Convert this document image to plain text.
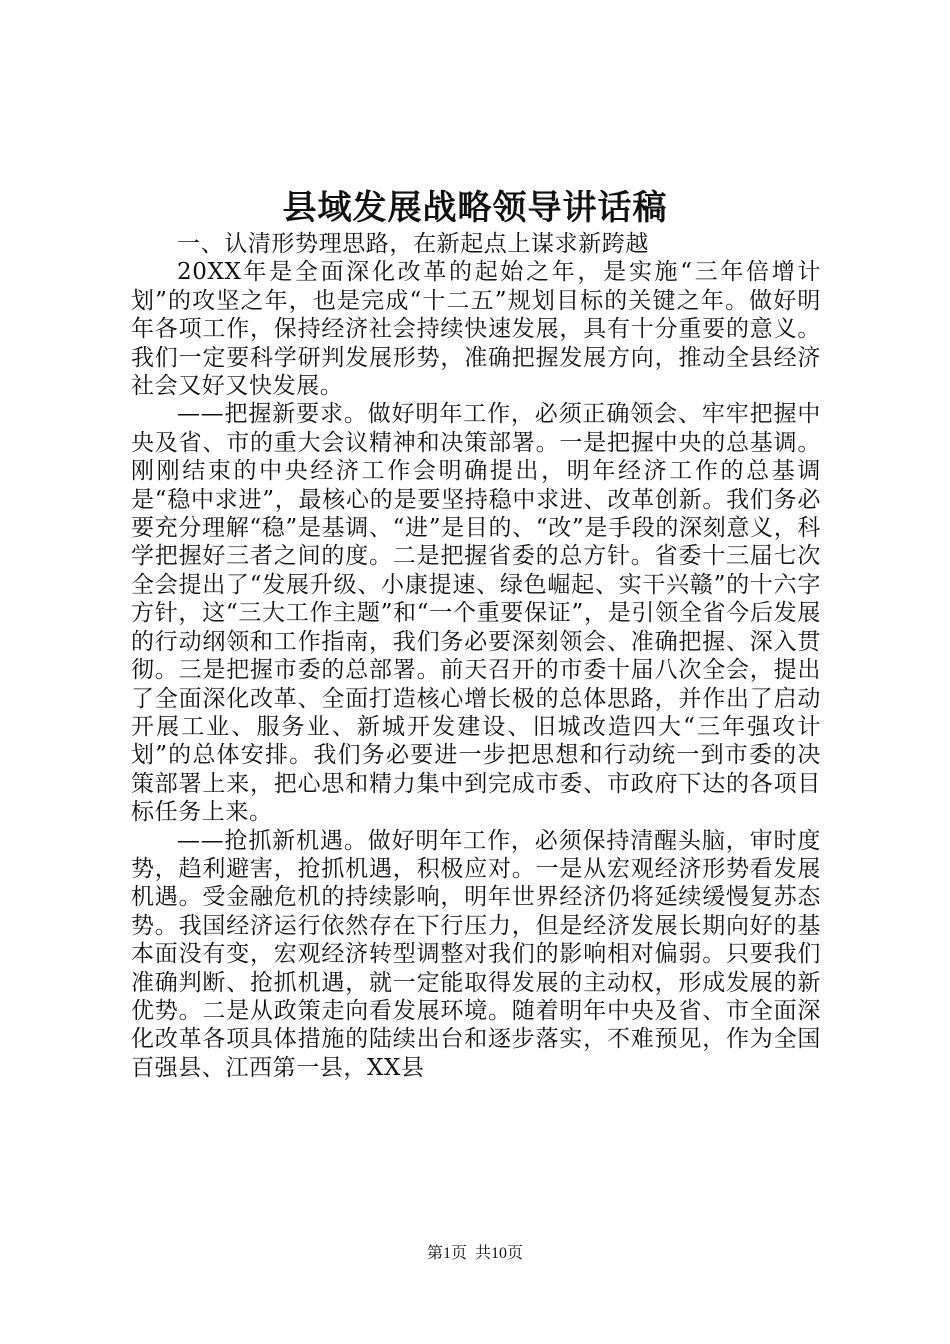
县域发展战略领导讲话稿

一、认清形势理思路，在新起点上谋求新跨越

20XX年是全面深化改革的起始之年，是实施“三年倍增计划”的攻坚之年，也是完成“十二五”规划目标的关键之年。做好明年各项工作，保持经济社会持续快速发展，具有十分重要的意义。我们一定要科学研判发展形势，准确把握发展方向，推动全县经济社会又好又快发展。

——把握新要求。做好明年工作，必须正确领会、牢牢把握中央及省、市的重大会议精神和决策部署。一是把握中央的总基调。刚刚结束的中央经济工作会明确提出，明年经济工作的总基调是“稳中求进”，最核心的是要坚持稳中求进、改革创新。我们务必要充分理解“稳”是基调、“进”是目的、“改”是手段的深刻意义，科学把握好三者之间的度。二是把握省委的总方针。省委十三届七次全会提出了“发展升级、小康提速、绿色崛起、实干兴赣”的十六字方针，这“三大工作主题”和“一个重要保证”，是引领全省今后发展的行动纲领和工作指南，我们务必要深刻领会、准确把握、深入贯彻。三是把握市委的总部署。前天召开的市委十届八次全会，提出了全面深化改革、全面打造核心增长极的总体思路，并作出了启动开展工业、服务业、新城开发建设、旧城改造四大“三年强攻计划”的总体安排。我们务必要进一步把思想和行动统一到市委的决策部署上来，把心思和精力集中到完成市委、市政府下达的各项目标任务上来。

——抢抓新机遇。做好明年工作，必须保持清醒头脑，审时度势，趋利避害，抢抓机遇，积极应对。一是从宏观经济形势看发展机遇。受金融危机的持续影响，明年世界经济仍将延续缓慢复苏态势。我国经济运行依然存在下行压力，但是经济发展长期向好的基本面没有变，宏观经济转型调整对我们的影响相对偏弱。只要我们准确判断、抢抓机遇，就一定能取得发展的主动权，形成发展的新优势。二是从政策走向看发展环境。随着明年中央及省、市全面深化改革各项具体措施的陆续出台和逐步落实，不难预见，作为全国百强县、江西第一县，XX县

第1页 共10页
